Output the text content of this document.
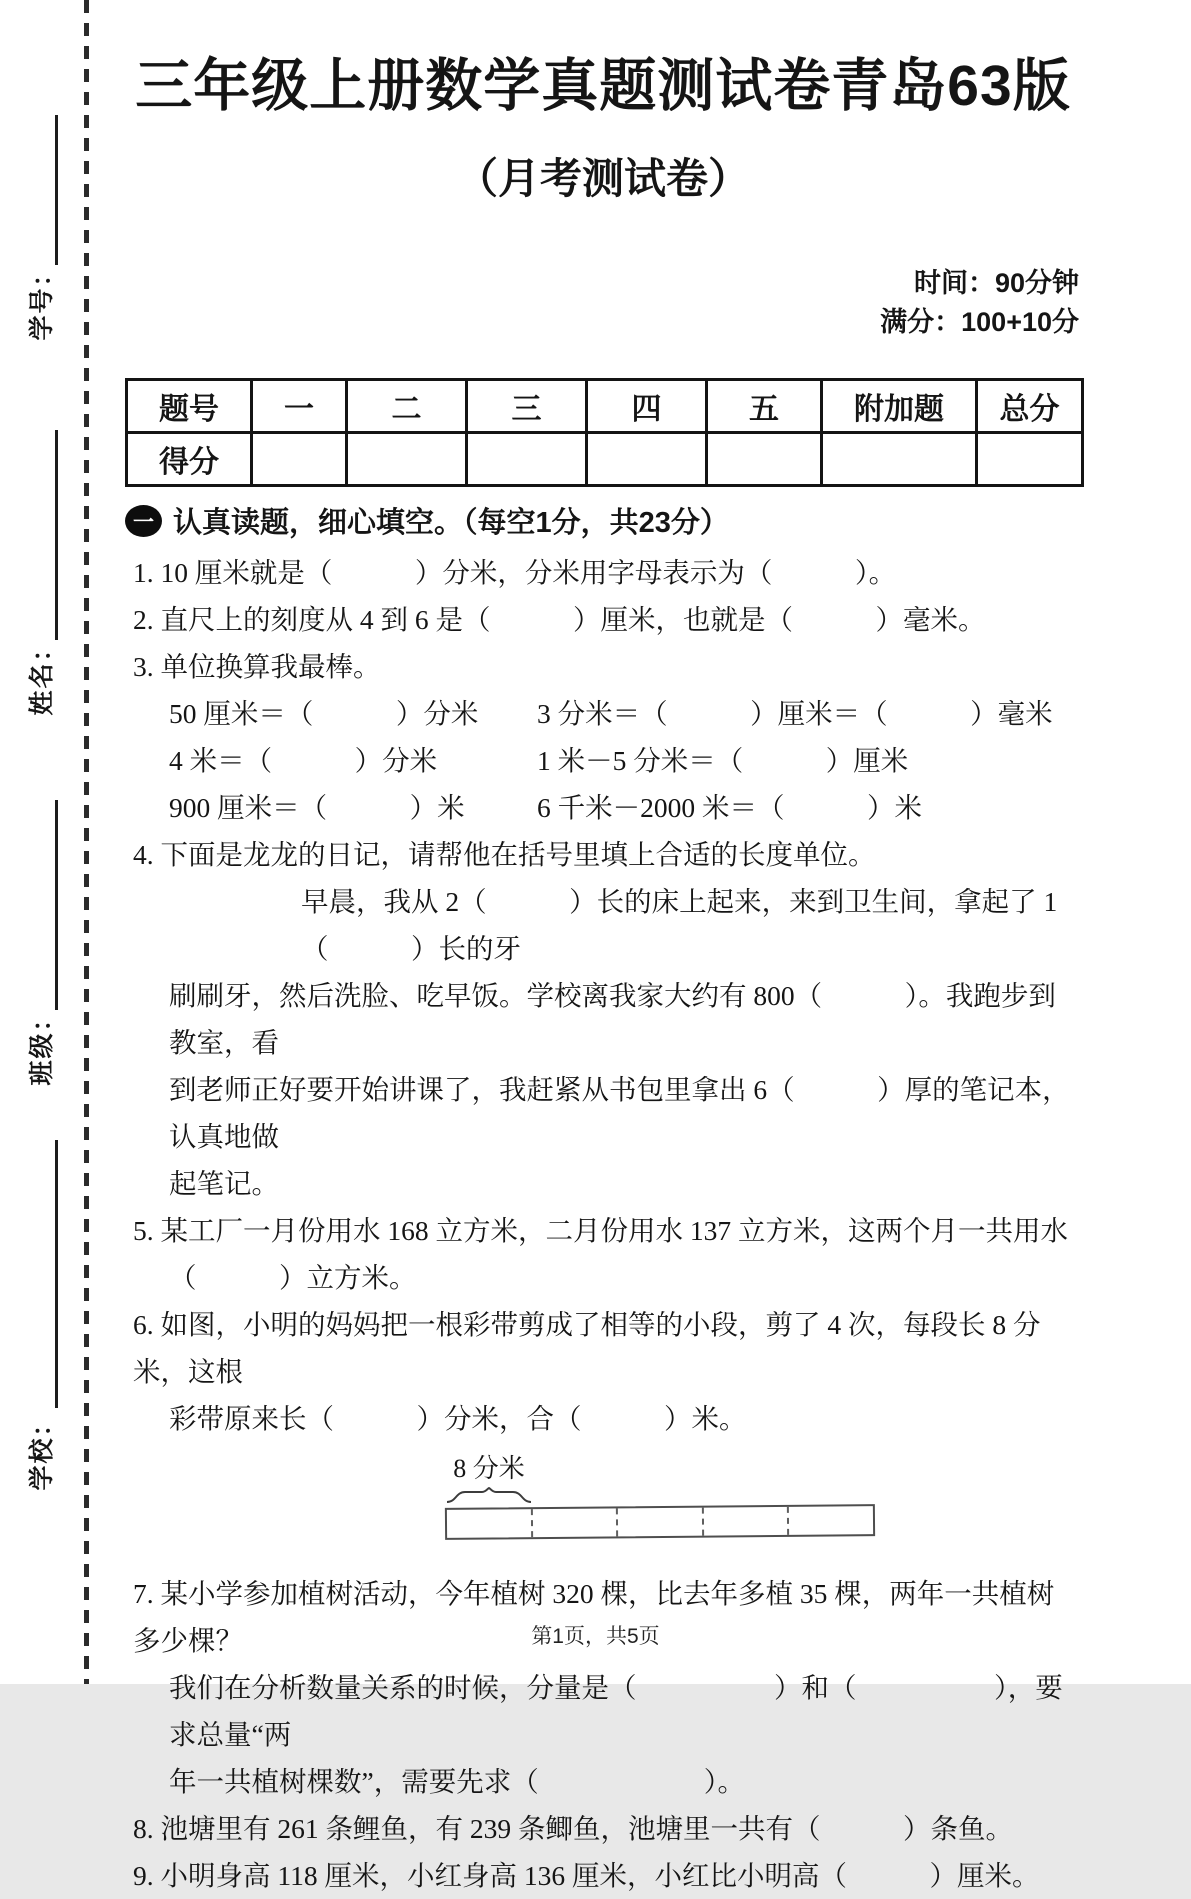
学号：
姓名：
班级：
学校：
三年级上册数学真题测试卷青岛63版
（月考测试卷）

时间：90分钟
满分：100+10分

题号	一	二	三	四	五	附加题	总分
得分							
一 认真读题，细心填空。（每空1分，共23分）
1. 10 厘米就是（　　　）分米，分米用字母表示为（　　　）。
2. 直尺上的刻度从 4 到 6 是（　　　）厘米，也就是（　　　）毫米。
3. 单位换算我最棒。
50 厘米＝（　　　）分米	3 分米＝（　　　）厘米＝（　　　）毫米
4 米＝（　　　）分米	1 米－5 分米＝（　　　）厘米
900 厘米＝（　　　）米	6 千米－2000 米＝（　　　）米
4. 下面是龙龙的日记，请帮他在括号里填上合适的长度单位。
早晨，我从 2（　　　）长的床上起来，来到卫生间，拿起了 1（　　　）长的牙
刷刷牙，然后洗脸、吃早饭。学校离我家大约有 800（　　　）。我跑步到教室，看
到老师正好要开始讲课了，我赶紧从书包里拿出 6（　　　）厚的笔记本，认真地做
起笔记。
5. 某工厂一月份用水 168 立方米，二月份用水 137 立方米，这两个月一共用水
（　　　）立方米。
6. 如图，小明的妈妈把一根彩带剪成了相等的小段，剪了 4 次，每段长 8 分米，这根
彩带原来长（　　　）分米，合（　　　）米。
8 分米
7. 某小学参加植树活动，今年植树 320 棵，比去年多植 35 棵，两年一共植树多少棵？
我们在分析数量关系的时候，分量是（　　　　　）和（　　　　　），要求总量“两
年一共植树棵数”，需要先求（　　　　　　）。
8. 池塘里有 261 条鲤鱼，有 239 条鲫鱼，池塘里一共有（　　　）条鱼。
9. 小明身高 118 厘米，小红身高 136 厘米，小红比小明高（　　　）厘米。
第1页，共5页
